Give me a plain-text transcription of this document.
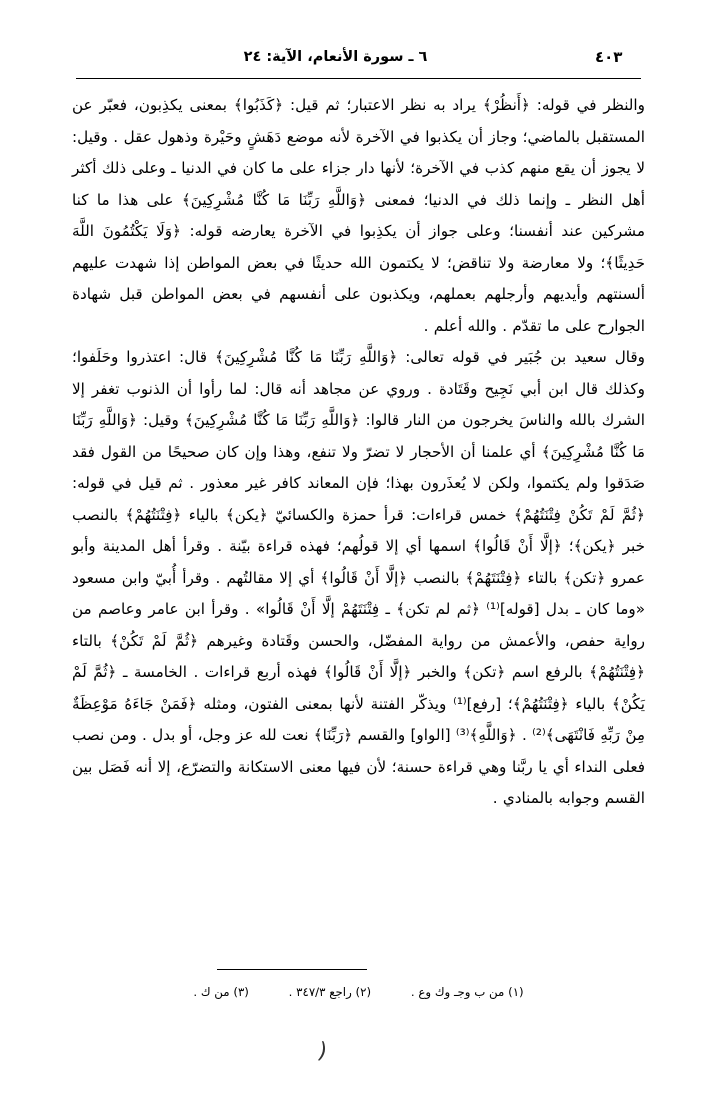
٦ ـ سورة الأنعام، الآية: ٢٤	٤٠٣

والنظر في قوله: ﴿أَنظُرْ﴾ يراد به نظر الاعتبار؛ ثم قيل: ﴿كَذَبُوا﴾ بمعنى يكذِبون، فعبّر عن المستقبل بالماضي؛ وجاز أن يكذبوا في الآخرة لأنه موضع دَهَشٍ وحَيْرة وذهول عقل . وقيل: لا يجوز أن يقع منهم كذب في الآخرة؛ لأنها دار جزاء على ما كان في الدنيا ـ وعلى ذلك أكثر أهل النظر ـ وإنما ذلك في الدنيا؛ فمعنى ﴿وَاللَّهِ رَبِّنَا مَا كُنَّا مُشْرِكِينَ﴾ على هذا ما كنا مشركين عند أنفسنا؛ وعلى جواز أن يكذِبوا في الآخرة يعارضه قوله: ﴿وَلَا يَكْتُمُونَ اللَّهَ حَدِيثًا﴾؛ ولا معارضة ولا تناقض؛ لا يكتمون الله حديثًا في بعض المواطن إذا شهدت عليهم ألسنتهم وأيديهم وأرجلهم بعملهم، ويكذبون على أنفسهم في بعض المواطن قبل شهادة الجوارح على ما تقدّم . والله أعلم .

وقال سعيد بن جُبَير في قوله تعالى: ﴿وَاللَّهِ رَبِّنَا مَا كُنَّا مُشْرِكِينَ﴾ قال: اعتذروا وحَلَفوا؛ وكذلك قال ابن أبي نَجِيح وقَتَادة . وروي عن مجاهد أنه قال: لما رأوا أن الذنوب تغفر إلا الشرك بالله والناسَ يخرجون من النار قالوا: ﴿وَاللَّهِ رَبِّنَا مَا كُنَّا مُشْرِكِينَ﴾ وقيل: ﴿وَاللَّهِ رَبِّنَا مَا كُنَّا مُشْرِكِينَ﴾ أي علمنا أن الأحجار لا تضرّ ولا تنفع، وهذا وإن كان صحيحًا من القول فقد صَدَقوا ولم يكتموا، ولكن لا يُعذَرون بهذا؛ فإن المعاند كافر غير معذور . ثم قيل في قوله: ﴿ثُمَّ لَمْ تَكُنْ فِتْنَتُهُمْ﴾ خمس قراءات: قرأ حمزة والكسائيّ ﴿يكن﴾ بالياء ﴿فِتْنَتُهُمْ﴾ بالنصب خبر ﴿يكن﴾؛ ﴿إلَّا أَنْ قَالُوا﴾ اسمها أي إلا قولُهم؛ فهذه قراءة بيّنة . وقرأ أهل المدينة وأبو عمرو ﴿تكن﴾ بالتاء ﴿فِتْنَتَهُمْ﴾ بالنصب ﴿إلَّا أَنْ قَالُوا﴾ أي إلا مقالتُهم . وقرأ أُبيّ وابن مسعود «وما كان ـ بدل [قوله]⁽¹⁾ ﴿ثم لم تكن﴾ ـ فِتْنَتَهُمْ إلَّا أَنْ قَالُوا» . وقرأ ابن عامر وعاصم من رواية حفص، والأعمش من رواية المفضّل، والحسن وقَتادة وغيرهم ﴿ثُمَّ لَمْ تَكُنْ﴾ بالتاء ﴿فِتْنَتُهُمْ﴾ بالرفع اسم ﴿تكن﴾ والخبر ﴿إلَّا أَنْ قَالُوا﴾ فهذه أربع قراءات . الخامسة ـ ﴿ثُمَّ لَمْ يَكُنْ﴾ بالياء ﴿فِتْنَتُهُمْ﴾؛ [رفع]⁽¹⁾ ويذكّر الفتنة لأنها بمعنى الفتون، ومثله ﴿فَمَنْ جَاءَهُ مَوْعِظَةٌ مِنْ رَبِّهِ فَانْتَهَى﴾⁽²⁾ . ﴿وَاللَّهِ﴾⁽³⁾ [الواو] والقسم ﴿رَبِّنَا﴾ نعت لله عز وجل، أو بدل . ومن نصب فعلى النداء أي يا ربَّنا وهي قراءة حسنة؛ لأن فيها معنى الاستكانة والتضرّع، إلا أنه فَصَل بين القسم وجوابه بالمنادي .

(١) من ب وجـ وك وع . (٢) راجع ٣٤٧/٣ . (٣) من ك .
(
